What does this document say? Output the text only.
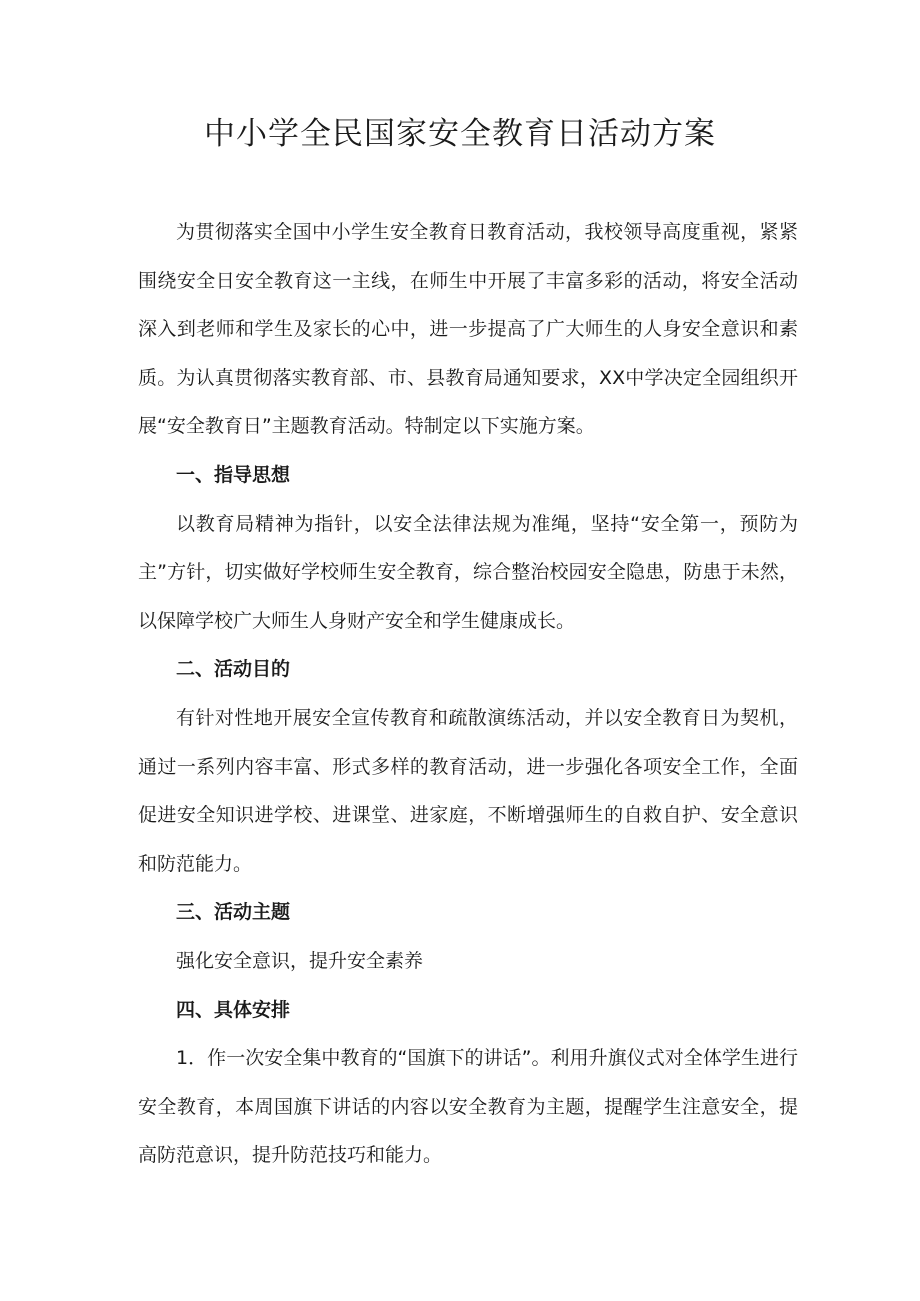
中小学全民国家安全教育日活动方案

为贯彻落实全国中小学生安全教育日教育活动，我校领导高度重视，紧紧围绕安全日安全教育这一主线，在师生中开展了丰富多彩的活动，将安全活动深入到老师和学生及家长的心中，进一步提高了广大师生的人身安全意识和素质。为认真贯彻落实教育部、市、县教育局通知要求，XX中学决定全园组织开展“安全教育日”主题教育活动。特制定以下实施方案。

一、指导思想

以教育局精神为指针，以安全法律法规为准绳，坚持“安全第一，预防为主”方针，切实做好学校师生安全教育，综合整治校园安全隐患，防患于未然，以保障学校广大师生人身财产安全和学生健康成长。

二、活动目的

有针对性地开展安全宣传教育和疏散演练活动，并以安全教育日为契机，通过一系列内容丰富、形式多样的教育活动，进一步强化各项安全工作，全面促进安全知识进学校、进课堂、进家庭，不断增强师生的自救自护、安全意识和防范能力。

三、活动主题

强化安全意识，提升安全素养

四、具体安排

1．作一次安全集中教育的“国旗下的讲话”。利用升旗仪式对全体学生进行安全教育，本周国旗下讲话的内容以安全教育为主题，提醒学生注意安全，提高防范意识，提升防范技巧和能力。
